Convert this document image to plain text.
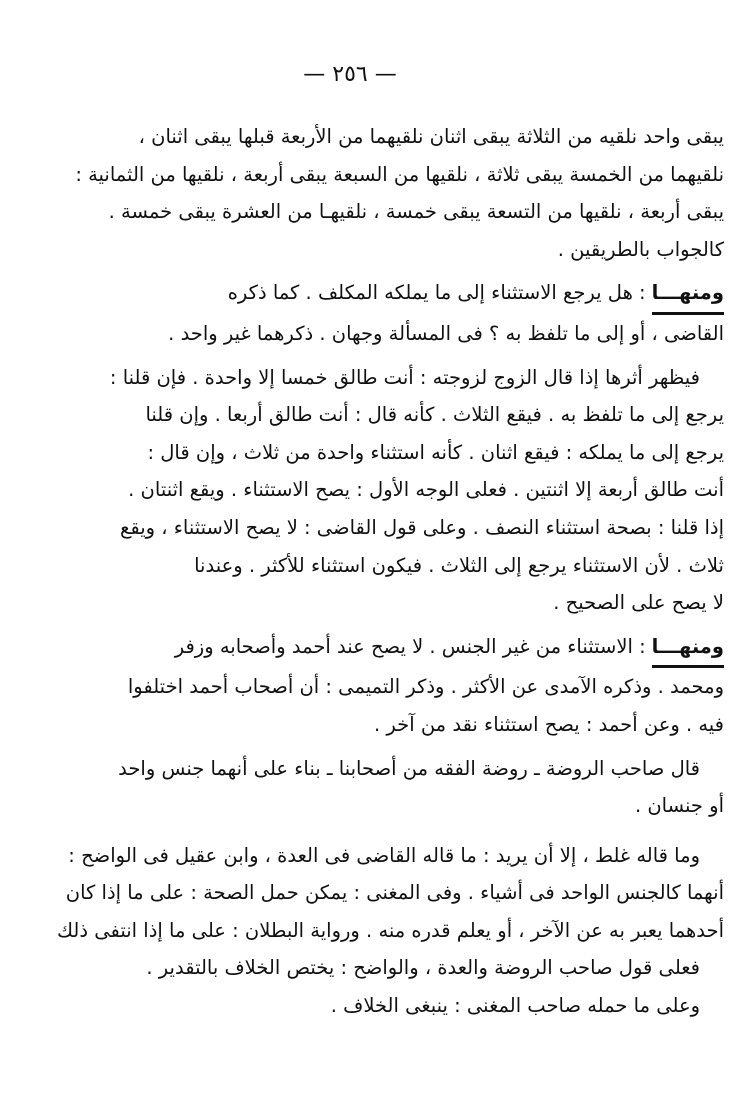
— ٢٥٦ —

يبقى واحد نلقيه من الثلاثة يبقى اثنان نلقيهما من الأربعة قبلها يبقى اثنان ،

نلقيهما من الخمسة يبقى ثلاثة ، نلقيها من السبعة يبقى أربعة ، نلقيها من الثمانية :

يبقى أربعة ، نلقيها من التسعة يبقى خمسة ، نلقيهـا من العشرة يبقى خمسة .

كالجواب بالطريقين .

ومنهـــا: هل يرجع الاستثناء إلى ما يملكه المكلف . كما ذكره

القاضى ، أو إلى ما تلفظ به ؟ فى المسألة وجهان . ذكرهما غير واحد .

فيظهر أثرها إذا قال الزوج لزوجته : أنت طالق خمسا إلا واحدة . فإن قلنا :

يرجع إلى ما تلفظ به . فيقع الثلاث . كأنه قال : أنت طالق أربعا . وإن قلنا

يرجع إلى ما يملكه : فيقع اثنان . كأنه استثناء واحدة من ثلاث ، وإن قال :

أنت طالق أربعة إلا اثنتين . فعلى الوجه الأول : يصح الاستثناء . ويقع اثنتان .

إذا قلنا : بصحة استثناء النصف . وعلى قول القاضى : لا يصح الاستثناء ، ويقع

ثلاث . لأن الاستثناء يرجع إلى الثلاث . فيكون استثناء للأكثر . وعندنا

لا يصح على الصحيح .

ومنهـــا: الاستثناء من غير الجنس . لا يصح عند أحمد وأصحابه وزفر

ومحمد . وذكره الآمدى عن الأكثر . وذكر التميمى : أن أصحاب أحمد اختلفوا

فيه . وعن أحمد : يصح استثناء نقد من آخر .

قال صاحب الروضة ـ روضة الفقه من أصحابنا ـ بناء على أنهما جنس واحد

أو جنسان .

وما قاله غلط ، إلا أن يريد : ما قاله القاضى فى العدة ، وابن عقيل فى الواضح :

أنهما كالجنس الواحد فى أشياء . وفى المغنى : يمكن حمل الصحة : على ما إذا كان

أحدهما يعبر به عن الآخر ، أو يعلم قدره منه . ورواية البطلان : على ما إذا انتفى ذلك

فعلى قول صاحب الروضة والعدة ، والواضح : يختص الخلاف بالتقدير .

وعلى ما حمله صاحب المغنى : ينبغى الخلاف .
